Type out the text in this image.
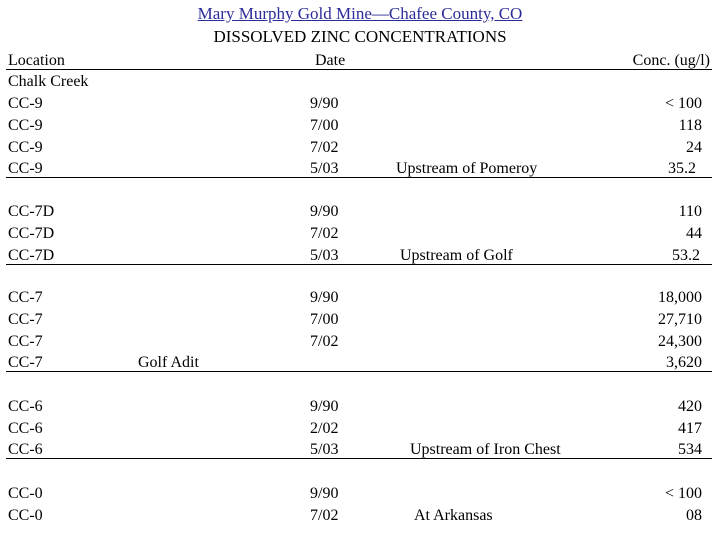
Mary Murphy Gold Mine—Chafee County, CO
DISSOLVED ZINC CONCENTRATIONS
Location	Date	Conc. (ug/l)
Chalk Creek
CC-9	9/90	< 100
CC-9	7/00	118
CC-9	7/02	24
CC-9	5/03	Upstream of Pomeroy	35.2
CC-7D	9/90	110
CC-7D	7/02	44
CC-7D	5/03	Upstream of Golf	53.2
CC-7	9/90	18,000
CC-7	7/00	27,710
CC-7	7/02	24,300
CC-7	Golf Adit	3,620
CC-6	9/90	420
CC-6	2/02	417
CC-6	5/03	Upstream of Iron Chest	534
CC-0	9/90	< 100
CC-0	7/02	At Arkansas	08
